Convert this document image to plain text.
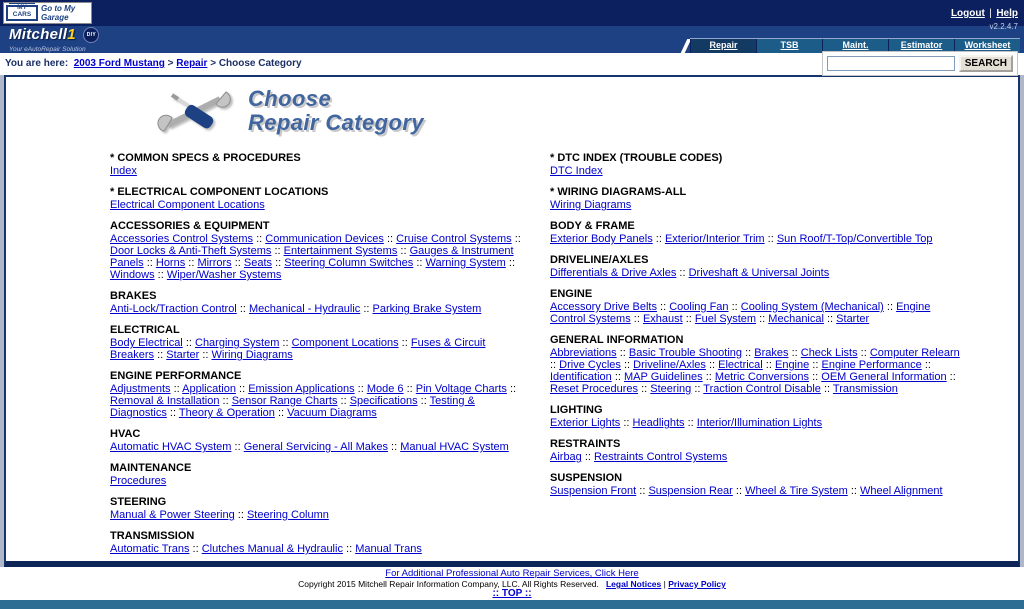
MY CARS
Go to My Garage	Logout | Help
v2.2.4.7
Mitchell1 DIY
Your eAutoRepair Solution	Repair	TSB	Maint.	Estimator	Worksheet
You are here: 2003 Ford Mustang > Repair > Choose Category	SEARCH
Choose
Repair Category
* COMMON SPECS & PROCEDURES
Index
* ELECTRICAL COMPONENT LOCATIONS
Electrical Component Locations
ACCESSORIES & EQUIPMENT
Accessories Control Systems :: Communication Devices :: Cruise Control Systems :: Door Locks & Anti-Theft Systems :: Entertainment Systems :: Gauges & Instrument Panels :: Horns :: Mirrors :: Seats :: Steering Column Switches :: Warning System :: Windows :: Wiper/Washer Systems
BRAKES
Anti-Lock/Traction Control :: Mechanical - Hydraulic :: Parking Brake System
ELECTRICAL
Body Electrical :: Charging System :: Component Locations :: Fuses & Circuit Breakers :: Starter :: Wiring Diagrams
ENGINE PERFORMANCE
Adjustments :: Application :: Emission Applications :: Mode 6 :: Pin Voltage Charts :: Removal & Installation :: Sensor Range Charts :: Specifications :: Testing & Diagnostics :: Theory & Operation :: Vacuum Diagrams
HVAC
Automatic HVAC System :: General Servicing - All Makes :: Manual HVAC System
MAINTENANCE
Procedures
STEERING
Manual & Power Steering :: Steering Column
TRANSMISSION
Automatic Trans :: Clutches Manual & Hydraulic :: Manual Trans
* DTC INDEX (TROUBLE CODES)
DTC Index
* WIRING DIAGRAMS-ALL
Wiring Diagrams
BODY & FRAME
Exterior Body Panels :: Exterior/Interior Trim :: Sun Roof/T-Top/Convertible Top
DRIVELINE/AXLES
Differentials & Drive Axles :: Driveshaft & Universal Joints
ENGINE
Accessory Drive Belts :: Cooling Fan :: Cooling System (Mechanical) :: Engine Control Systems :: Exhaust :: Fuel System :: Mechanical :: Starter
GENERAL INFORMATION
Abbreviations :: Basic Trouble Shooting :: Brakes :: Check Lists :: Computer Relearn :: Drive Cycles :: Driveline/Axles :: Electrical :: Engine :: Engine Performance :: Identification :: MAP Guidelines :: Metric Conversions :: OEM General Information :: Reset Procedures :: Steering :: Traction Control Disable :: Transmission
LIGHTING
Exterior Lights :: Headlights :: Interior/Illumination Lights
RESTRAINTS
Airbag :: Restraints Control Systems
SUSPENSION
Suspension Front :: Suspension Rear :: Wheel & Tire System :: Wheel Alignment
For Additional Professional Auto Repair Services, Click Here
Copyright 2015 Mitchell Repair Information Company, LLC. All Rights Reserved. Legal Notices | Privacy Policy
:: TOP ::
